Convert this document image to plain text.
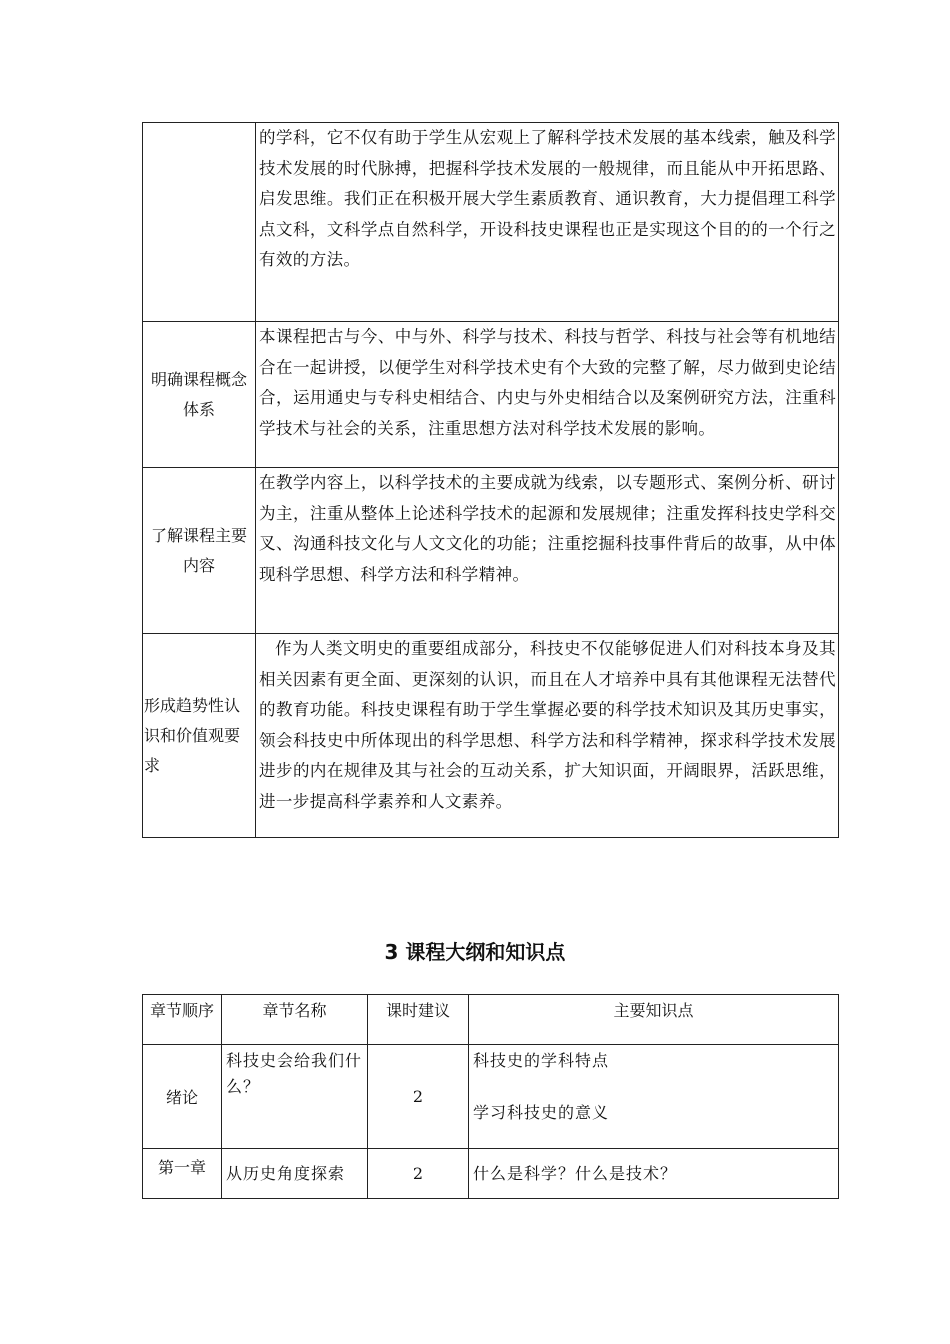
	的学科，它不仅有助于学生从宏观上了解科学技术发展的基本线索，触及科学技术发展的时代脉搏，把握科学技术发展的一般规律，而且能从中开拓思路、启发思维。我们正在积极开展大学生素质教育、通识教育，大力提倡理工科学点文科，文科学点自然科学，开设科技史课程也正是实现这个目的的一个行之有效的方法。
明确课程概念体系	本课程把古与今、中与外、科学与技术、科技与哲学、科技与社会等有机地结合在一起讲授，以便学生对科学技术史有个大致的完整了解，尽力做到史论结合，运用通史与专科史相结合、内史与外史相结合以及案例研究方法，注重科学技术与社会的关系，注重思想方法对科学技术发展的影响。
了解课程主要内容	在教学内容上，以科学技术的主要成就为线索，以专题形式、案例分析、研讨为主，注重从整体上论述科学技术的起源和发展规律；注重发挥科技史学科交叉、沟通科技文化与人文文化的功能；注重挖掘科技事件背后的故事，从中体现科学思想、科学方法和科学精神。
形成趋势性认识和价值观要求	作为人类文明史的重要组成部分，科技史不仅能够促进人们对科技本身及其相关因素有更全面、更深刻的认识，而且在人才培养中具有其他课程无法替代的教育功能。科技史课程有助于学生掌握必要的科学技术知识及其历史事实，领会科技史中所体现出的科学思想、科学方法和科学精神，探求科学技术发展进步的内在规律及其与社会的互动关系，扩大知识面，开阔眼界，活跃思维，进一步提高科学素养和人文素养。
3 课程大纲和知识点
章节顺序	章节名称	课时建议	主要知识点
绪论	科技史会给我们什么？	2	科技史的学科特点
学习科技史的意义

第一章	从历史角度探索	2	什么是科学？什么是技术？
